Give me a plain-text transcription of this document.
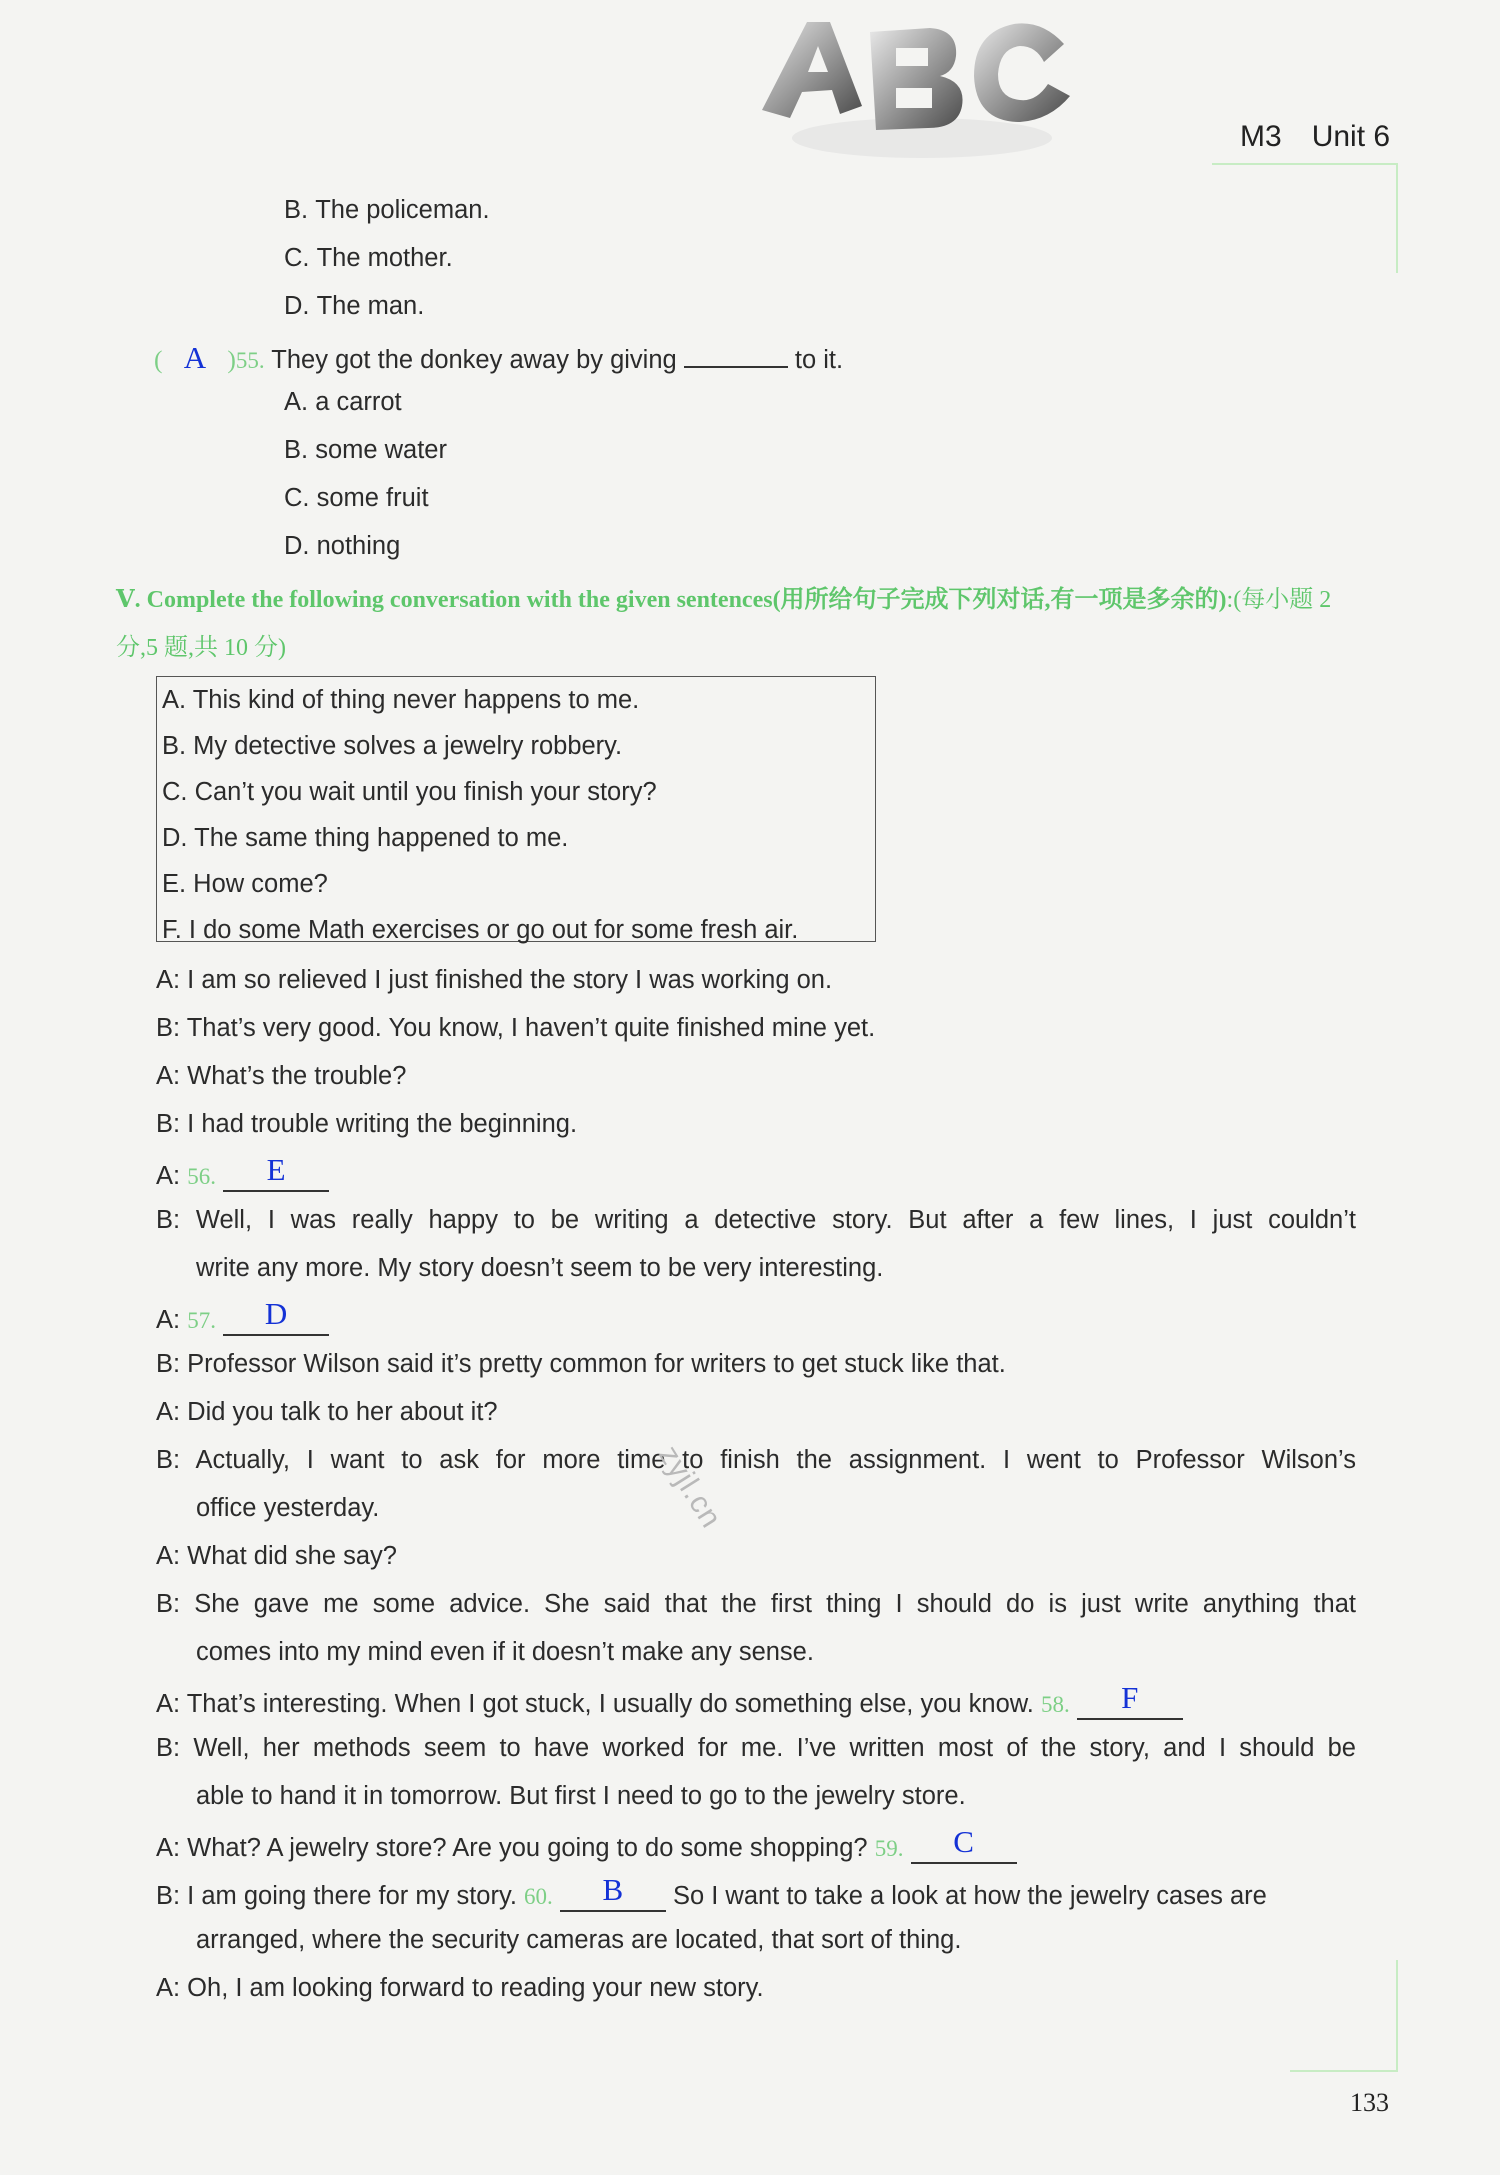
M3 Unit 6
B. The policeman.
C. The mother.
D. The man.
( A )55. They got the donkey away by giving	to it.
A. a carrot
B. some water
C. some fruit
D. nothing
Ⅴ. Complete the following conversation with the given sentences(用所给句子完成下列对话,有一项是多余的):(每小题 2 分,5 题,共 10 分)
A. This kind of thing never happens to me.
B. My detective solves a jewelry robbery.
C. Can’t you wait until you finish your story?
D. The same thing happened to me.
E. How come?
F. I do some Math exercises or go out for some fresh air.
A: I am so relieved I just finished the story I was working on.
B: That’s very good. You know, I haven’t quite finished mine yet.
A: What’s the trouble?
B: I had trouble writing the beginning.
A: 56. E
B: Well, I was really happy to be writing a detective story. But after a few lines, I just couldn’t
write any more. My story doesn’t seem to be very interesting.
A: 57. D
B: Professor Wilson said it’s pretty common for writers to get stuck like that.
A: Did you talk to her about it?
B: Actually, I want to ask for more time to finish the assignment. I went to Professor Wilson’s
office yesterday.
A: What did she say?
B: She gave me some advice. She said that the first thing I should do is just write anything that
comes into my mind even if it doesn’t make any sense.
A: That’s interesting. When I got stuck, I usually do something else, you know. 58. F
B: Well, her methods seem to have worked for me. I’ve written most of the story, and I should be
able to hand it in tomorrow. But first I need to go to the jewelry store.
A: What? A jewelry store? Are you going to do some shopping? 59. C
B: I am going there for my story. 60. B So I want to take a look at how the jewelry cases are
arranged, where the security cameras are located, that sort of thing.
A: Oh, I am looking forward to reading your new story.
zyjl.cn
133
